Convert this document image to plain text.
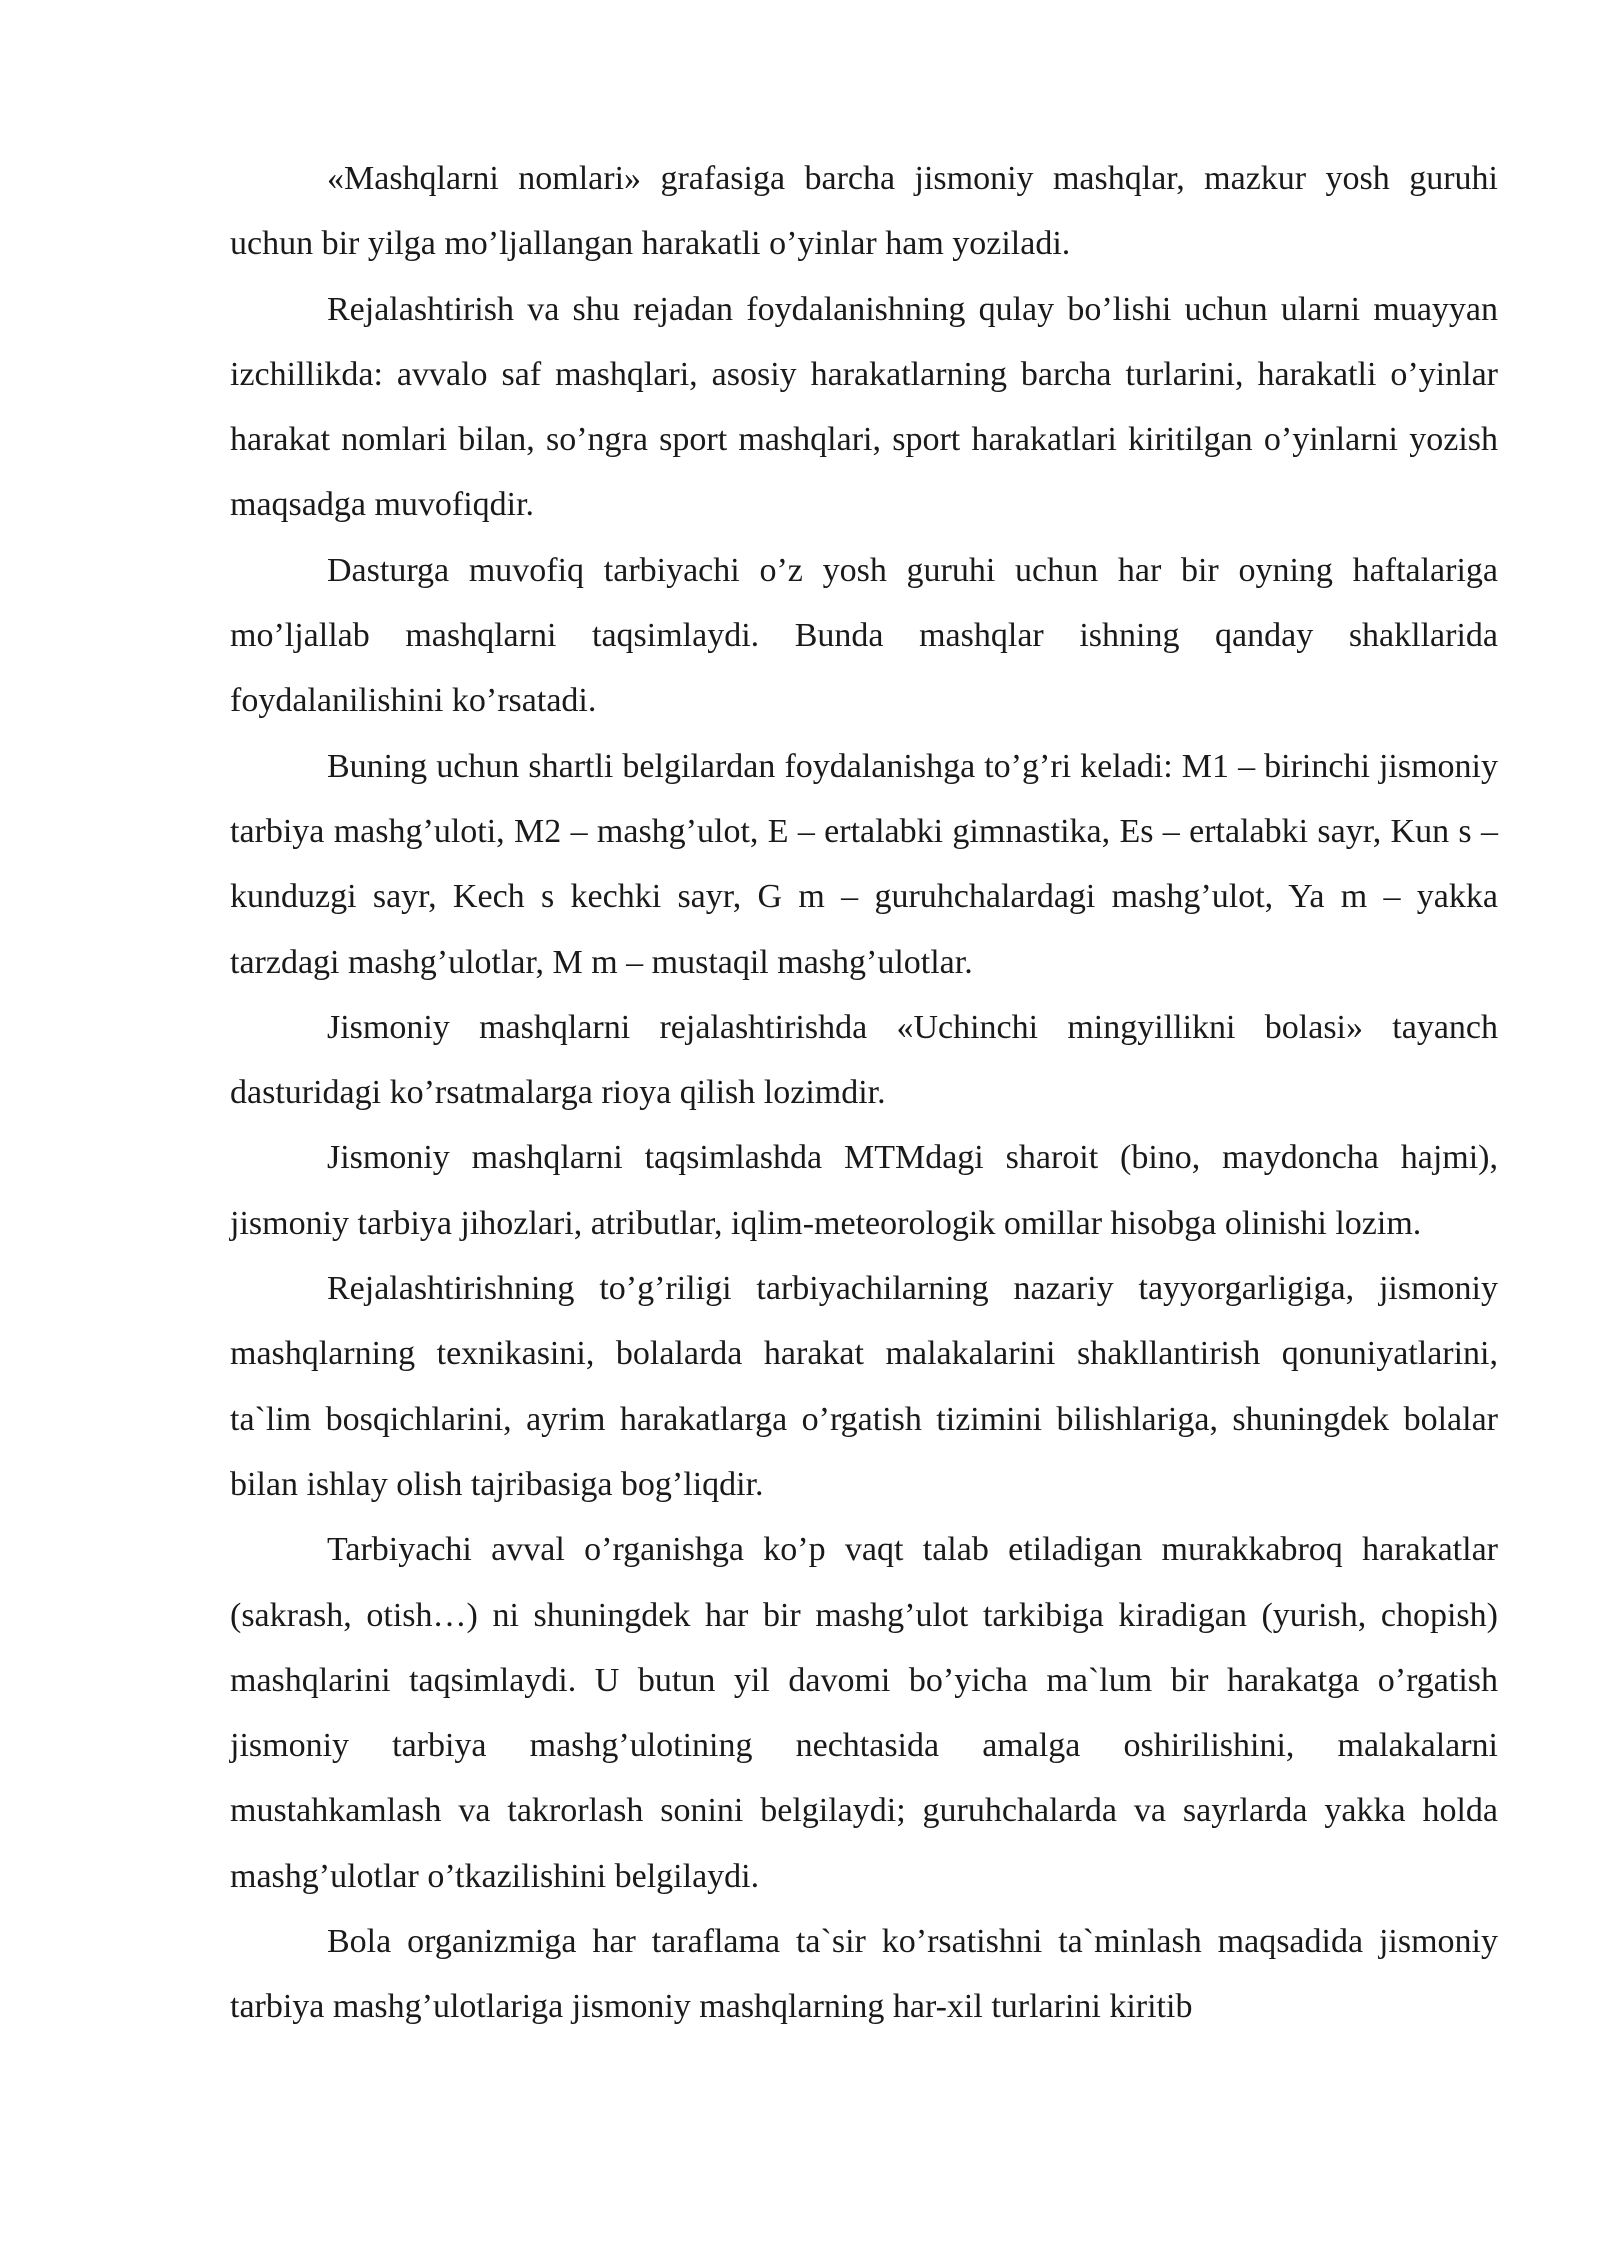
«Mashqlarni nomlari» grafasiga barcha jismoniy mashqlar, mazkur yosh guruhi uchun bir yilga mo’ljallangan harakatli o’yinlar ham yoziladi.

Rejalashtirish va shu rejadan foydalanishning qulay bo’lishi uchun ularni muayyan izchillikda: avvalo saf mashqlari, asosiy harakatlarning barcha turlarini, harakatli o’yinlar harakat nomlari bilan, so’ngra sport mashqlari, sport harakatlari kiritilgan o’yinlarni yozish maqsadga muvofiqdir.

Dasturga muvofiq tarbiyachi o’z yosh guruhi uchun har bir oyning haftalariga mo’ljallab mashqlarni taqsimlaydi. Bunda mashqlar ishning qanday shakllarida foydalanilishini ko’rsatadi.

Buning uchun shartli belgilardan foydalanishga to’g’ri keladi: M1 – birinchi jismoniy tarbiya mashg’uloti, M2 – mashg’ulot, E – ertalabki gimnastika, Es – ertalabki sayr, Kun s – kunduzgi sayr, Kech s kechki sayr, G m – guruhchalardagi mashg’ulot, Ya m – yakka tarzdagi mashg’ulotlar, M m – mustaqil mashg’ulotlar.

Jismoniy mashqlarni rejalashtirishda «Uchinchi mingyillikni bolasi» tayanch dasturidagi ko’rsatmalarga rioya qilish lozimdir.

Jismoniy mashqlarni taqsimlashda MTMdagi sharoit (bino, maydoncha hajmi), jismoniy tarbiya jihozlari, atributlar, iqlim-meteorologik omillar hisobga olinishi lozim.

Rejalashtirishning to’g’riligi tarbiyachilarning nazariy tayyorgarligiga, jismoniy mashqlarning texnikasini, bolalarda harakat malakalarini shakllantirish qonuniyatlarini, ta`lim bosqichlarini, ayrim harakatlarga o’rgatish tizimini bilishlariga, shuningdek bolalar bilan ishlay olish tajribasiga bog’liqdir.

Tarbiyachi avval o’rganishga ko’p vaqt talab etiladigan murakkabroq harakatlar (sakrash, otish…) ni shuningdek har bir mashg’ulot tarkibiga kiradigan (yurish, chopish) mashqlarini taqsimlaydi. U butun yil davomi bo’yicha ma`lum bir harakatga o’rgatish jismoniy tarbiya mashg’ulotining nechtasida amalga oshirilishini, malakalarni mustahkamlash va takrorlash sonini belgilaydi; guruhchalarda va sayrlarda yakka holda mashg’ulotlar o’tkazilishini belgilaydi.

Bola organizmiga har taraflama ta`sir ko’rsatishni ta`minlash maqsadida jismoniy tarbiya mashg’ulotlariga jismoniy mashqlarning har-xil turlarini kiritib
